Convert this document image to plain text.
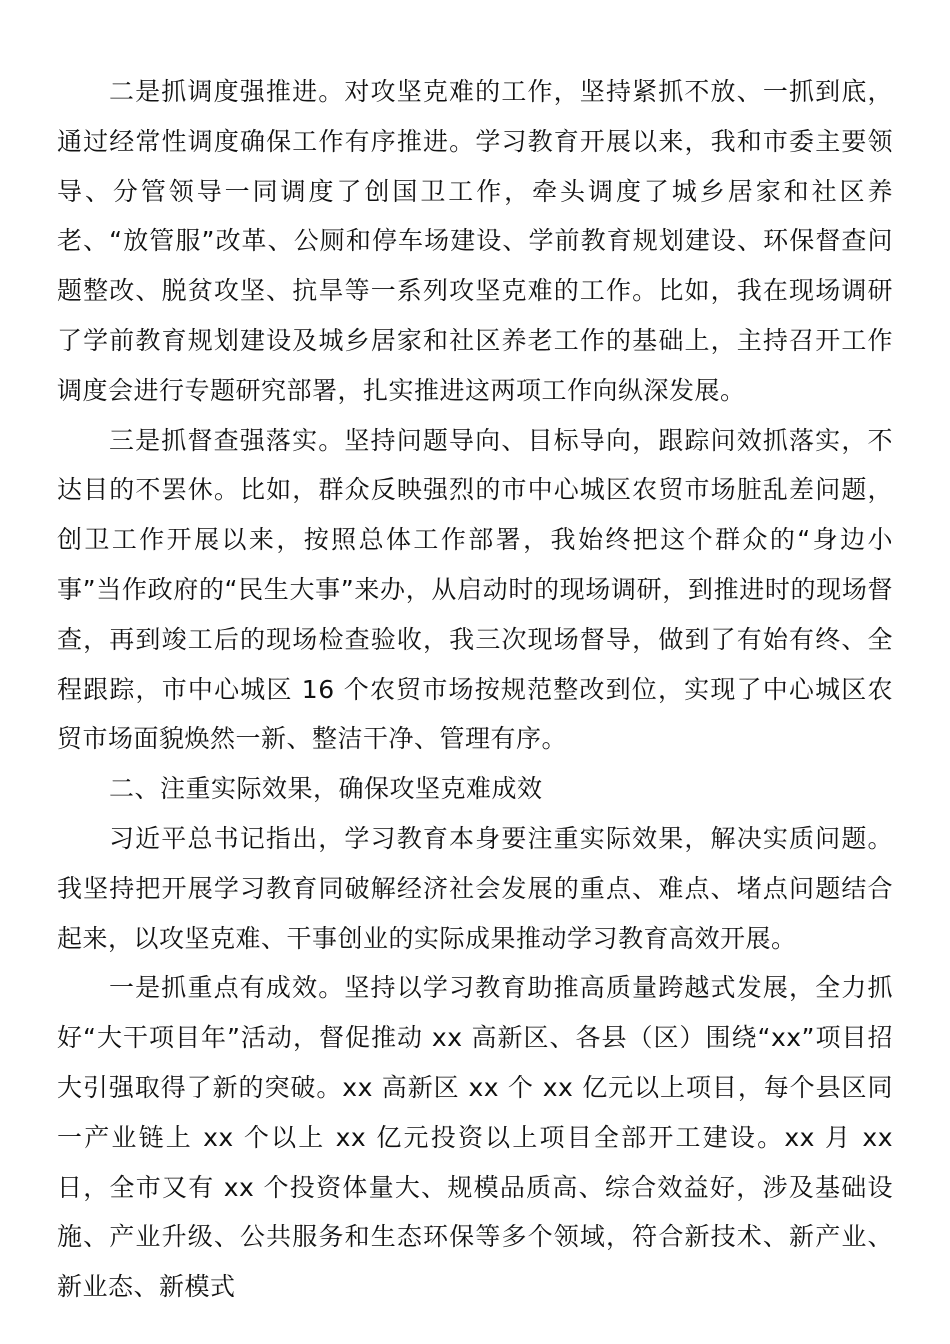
二是抓调度强推进。对攻坚克难的工作，坚持紧抓不放、一抓到底，通过经常性调度确保工作有序推进。学习教育开展以来，我和市委主要领导、分管领导一同调度了创国卫工作，牵头调度了城乡居家和社区养老、“放管服”改革、公厕和停车场建设、学前教育规划建设、环保督查问题整改、脱贫攻坚、抗旱等一系列攻坚克难的工作。比如，我在现场调研了学前教育规划建设及城乡居家和社区养老工作的基础上，主持召开工作调度会进行专题研究部署，扎实推进这两项工作向纵深发展。

三是抓督查强落实。坚持问题导向、目标导向，跟踪问效抓落实，不达目的不罢休。比如，群众反映强烈的市中心城区农贸市场脏乱差问题，创卫工作开展以来，按照总体工作部署，我始终把这个群众的“身边小事”当作政府的“民生大事”来办，从启动时的现场调研，到推进时的现场督查，再到竣工后的现场检查验收，我三次现场督导，做到了有始有终、全程跟踪，市中心城区 16 个农贸市场按规范整改到位，实现了中心城区农贸市场面貌焕然一新、整洁干净、管理有序。

二、注重实际效果，确保攻坚克难成效

习近平总书记指出，学习教育本身要注重实际效果，解决实质问题。我坚持把开展学习教育同破解经济社会发展的重点、难点、堵点问题结合起来，以攻坚克难、干事创业的实际成果推动学习教育高效开展。

一是抓重点有成效。坚持以学习教育助推高质量跨越式发展，全力抓好“大干项目年”活动，督促推动 xx 高新区、各县（区）围绕“xx”项目招大引强取得了新的突破。xx 高新区 xx 个 xx 亿元以上项目，每个县区同一产业链上 xx 个以上 xx 亿元投资以上项目全部开工建设。xx 月 xx 日，全市又有 xx 个投资体量大、规模品质高、综合效益好，涉及基础设施、产业升级、公共服务和生态环保等多个领域，符合新技术、新产业、新业态、新模式
